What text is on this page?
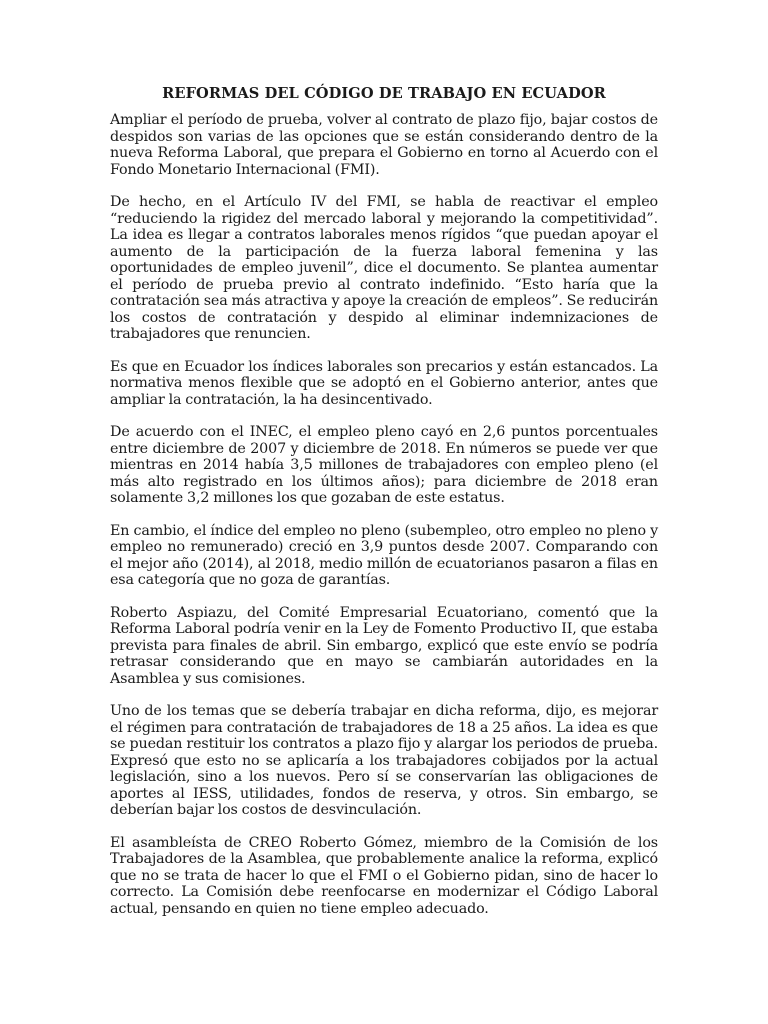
REFORMAS DEL CÓDIGO DE TRABAJO EN ECUADOR

Ampliar el período de prueba, volver al contrato de plazo fijo, bajar costos de despidos son varias de las opciones que se están considerando dentro de la nueva Reforma Laboral, que prepara el Gobierno en torno al Acuerdo con el Fondo Monetario Internacional (FMI).

De hecho, en el Artículo IV del FMI, se habla de reactivar el empleo “reduciendo la rigidez del mercado laboral y mejorando la competitividad”. La idea es llegar a contratos laborales menos rígidos “que puedan apoyar el aumento de la participación de la fuerza laboral femenina y las oportunidades de empleo juvenil”, dice el documento. Se plantea aumentar el período de prueba previo al contrato indefinido. “Esto haría que la contratación sea más atractiva y apoye la creación de empleos”. Se reducirán los costos de contratación y despido al eliminar indemnizaciones de trabajadores que renuncien.

Es que en Ecuador los índices laborales son precarios y están estancados. La normativa menos flexible que se adoptó en el Gobierno anterior, antes que ampliar la contratación, la ha desincentivado.

De acuerdo con el INEC, el empleo pleno cayó en 2,6 puntos porcentuales entre diciembre de 2007 y diciembre de 2018. En números se puede ver que mientras en 2014 había 3,5 millones de trabajadores con empleo pleno (el más alto registrado en los últimos años); para diciembre de 2018 eran solamente 3,2 millones los que gozaban de este estatus.

En cambio, el índice del empleo no pleno (subempleo, otro empleo no pleno y empleo no remunerado) creció en 3,9 puntos desde 2007. Comparando con el mejor año (2014), al 2018, medio millón de ecuatorianos pasaron a filas en esa categoría que no goza de garantías.

Roberto Aspiazu, del Comité Empresarial Ecuatoriano, comentó que la Reforma Laboral podría venir en la Ley de Fomento Productivo II, que estaba prevista para finales de abril. Sin embargo, explicó que este envío se podría retrasar considerando que en mayo se cambiarán autoridades en la Asamblea y sus comisiones.

Uno de los temas que se debería trabajar en dicha reforma, dijo, es mejorar el régimen para contratación de trabajadores de 18 a 25 años. La idea es que se puedan restituir los contratos a plazo fijo y alargar los periodos de prueba. Expresó que esto no se aplicaría a los trabajadores cobijados por la actual legislación, sino a los nuevos. Pero sí se conservarían las obligaciones de aportes al IESS, utilidades, fondos de reserva, y otros. Sin embargo, se deberían bajar los costos de desvinculación.

El asambleísta de CREO Roberto Gómez, miembro de la Comisión de los Trabajadores de la Asamblea, que probablemente analice la reforma, explicó que no se trata de hacer lo que el FMI o el Gobierno pidan, sino de hacer lo correcto. La Comisión debe reenfocarse en modernizar el Código Laboral actual, pensando en quien no tiene empleo adecuado.
